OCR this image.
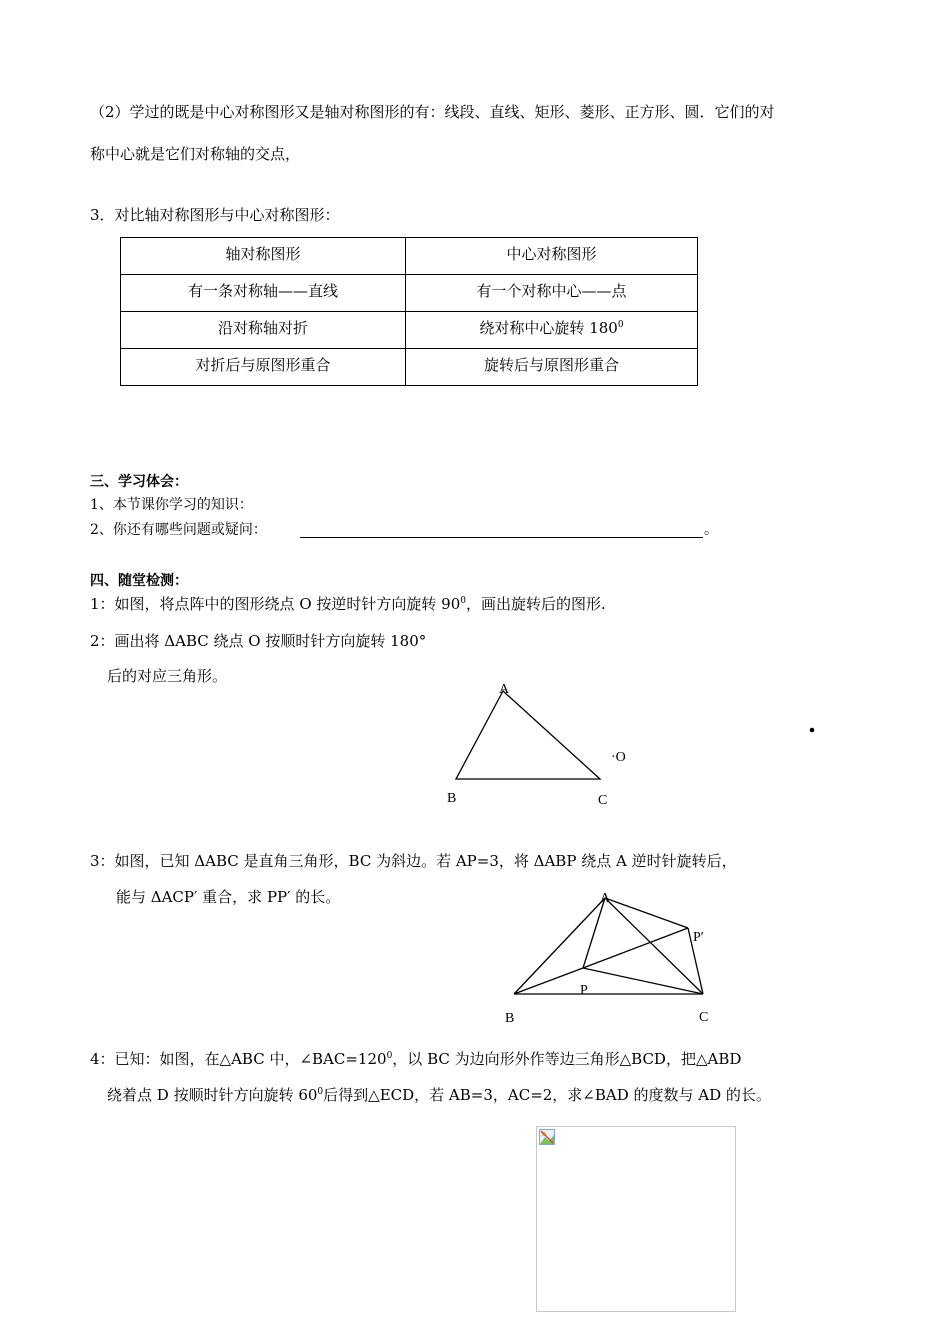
（2）学过的既是中心对称图形又是轴对称图形的有：线段、直线、矩形、菱形、正方形、圆．它们的对
称中心就是它们对称轴的交点，
3．对比轴对称图形与中心对称图形：
轴对称图形	中心对称图形
有一条对称轴——直线	有一个对称中心——点
沿对称轴对折	绕对称中心旋转 $180^0$
对折后与原图形重合	旋转后与原图形重合
三、学习体会：
1、本节课你学习的知识：
2、你还有哪些问题或疑问：	。
四、随堂检测：
1：如图，将点阵中的图形绕点 O 按逆时针方向旋转 $90^0$，画出旋转后的图形.
2：画出将 ΔABC 绕点 O 按顺时针方向旋转 180°
后的对应三角形。
A
B	C
·O
3：如图，已知 ΔABC 是直角三角形，BC 为斜边。若 AP=3，将 ΔABP 绕点 A 逆时针旋转后，
能与 ΔACP′ 重合，求 PP′ 的长。	A
P′
P
B	C
4：已知：如图，在△ABC 中，$\angle BAC=120^0$，以 BC 为边向形外作等边三角形△BCD，把△ABD
绕着点 D 按顺时针方向旋转 $60^0$后得到△ECD，若 AB=3，AC=2，求∠BAD 的度数与 AD 的长。
